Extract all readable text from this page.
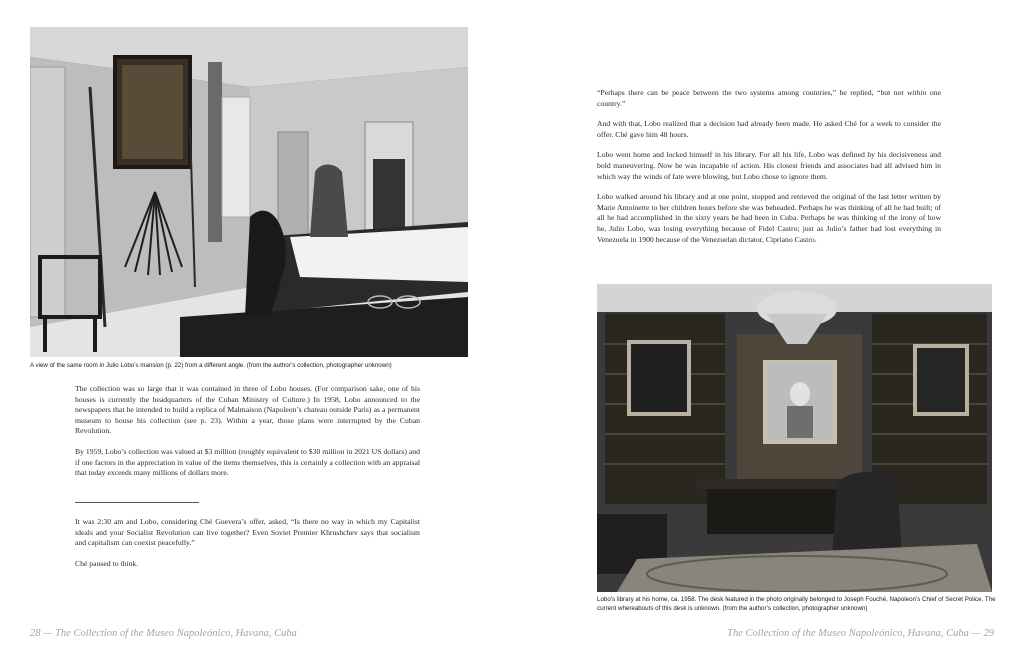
A view of the same room in Julio Lobo’s mansion (p. 22) from a different angle. (from the author’s collection, photographer unknown)

The collection was so large that it was contained in three of Lobo houses. (For comparison sake, one of his houses is currently the headquarters of the Cuban Ministry of Culture.) In 1958, Lobo announced to the newspapers that he intended to build a replica of Malmaison (Napoleon’s chateau outside Paris) as a permanent museum to house his collection (see p. 23). Within a year, those plans were interrupted by the Cuban Revolution.

By 1959, Lobo’s collection was valued at $3 million (roughly equivalent to $30 million in 2021 US dollars) and if one factors in the appreciation in value of the items themselves, this is certainly a collection with an appraisal that today exceeds many millions of dollars more.

It was 2:30 am and Lobo, considering Ché Guevera’s offer, asked, “Is there no way in which my Capitalist ideals and your Socialist Revolution can live together? Even Soviet Premier Khrushchev says that socialism and capitalism can coexist peacefully.”

Ché paused to think.

28 — The Collection of the Museo Napoleónico, Havana, Cuba

“Perhaps there can be peace between the two systems among countries,” he replied, “but not within one country.”

And with that, Lobo realized that a decision had already been made. He asked Ché for a week to consider the offer. Ché gave him 48 hours.

Lobo went home and locked himself in his library. For all his life, Lobo was defined by his decisiveness and bold maneuvering. Now he was incapable of action. His closest friends and associates had all advised him in which way the winds of fate were blowing, but Lobo chose to ignore them.

Lobo walked around his library and at one point, stopped and retrieved the original of the last letter written by Marie Antoinette to her children hours before she was beheaded. Perhaps he was thinking of all he had built; of all he had accomplished in the sixty years he had been in Cuba. Perhaps he was thinking of the irony of how he, Julio Lobo, was losing everything because of Fidel Castro; just as Julio’s father had lost everything in Venezuela in 1900 because of the Venezuelan dictator, Cipriano Castro.

Lobo’s library at his home, ca. 1958. The desk featured in the photo originally belonged to Joseph Fouché, Napoleon’s Chief of Secret Police. The current whereabouts of this desk is unknown. (from the author’s collection, photographer unknown)
The Collection of the Museo Napoleónico, Havana, Cuba — 29
